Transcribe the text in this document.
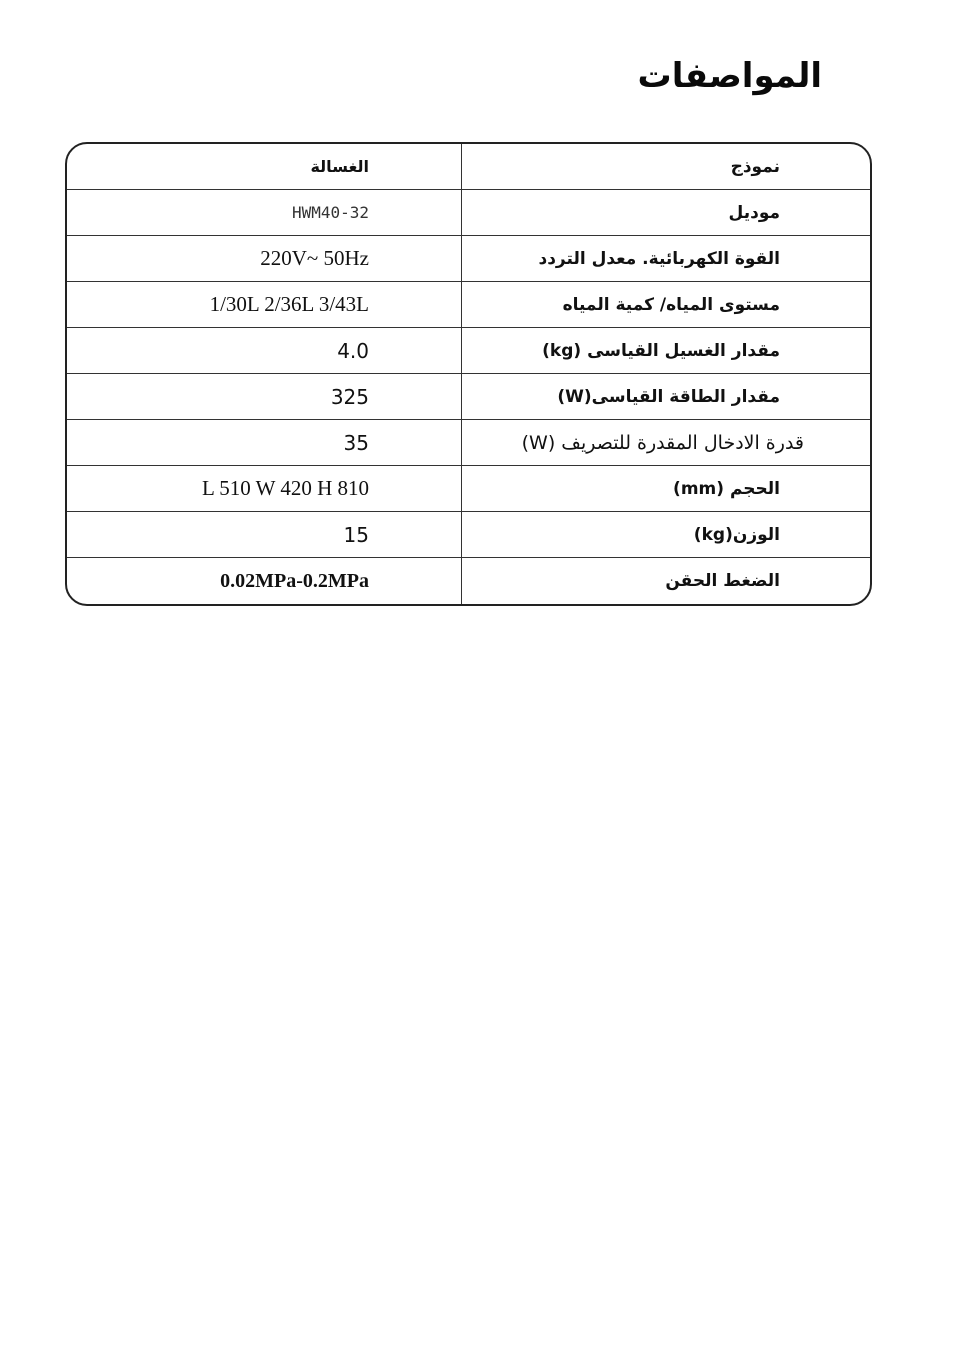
المواصفات
الغسالة	نموذج
HWM40-32	موديل
220V~ 50Hz	القوة الكهربائية. معدل التردد
1/30L 2/36L 3/43L	مستوى المياه/ كمية المياه
4.0	مقدار الغسيل القياسى (kg)
325	مقدار الطاقة القياسى(W)
35	قدرة الادخال المقدرة للتصريف (W)
L 510 W 420 H 810	الحجم (mm)
15	الوزن(kg)
0.02MPa-0.2MPa	الضغط الحقن
